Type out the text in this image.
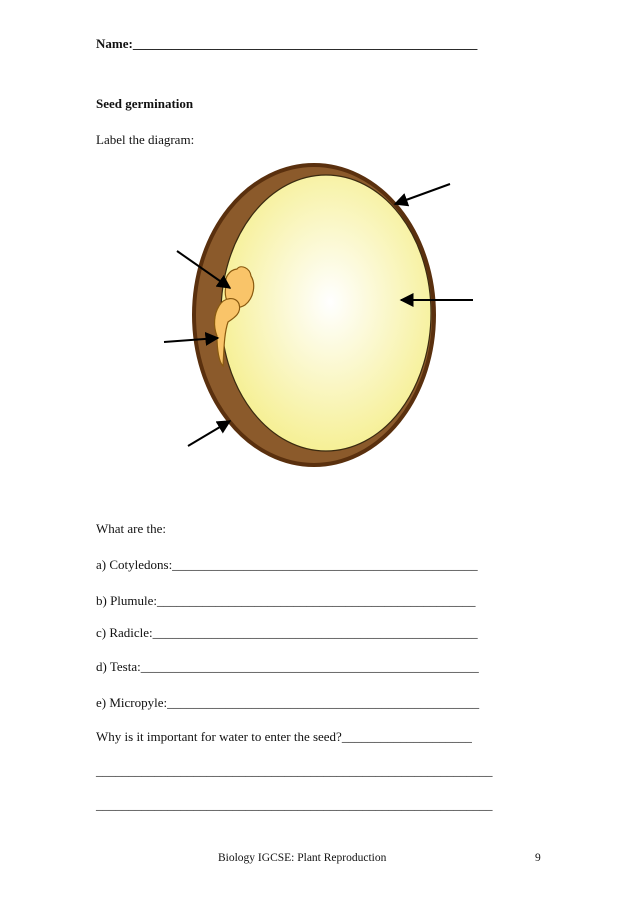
Name:_____________________________________________________
Seed germination
Label the diagram:
What are the:
a) Cotyledons:_______________________________________________
b) Plumule:_________________________________________________
c) Radicle:__________________________________________________
d) Testa:____________________________________________________
e) Micropyle:________________________________________________
Why is it important for water to enter the seed?____________________
_____________________________________________________________
_____________________________________________________________
Biology IGCSE: Plant Reproduction	9
